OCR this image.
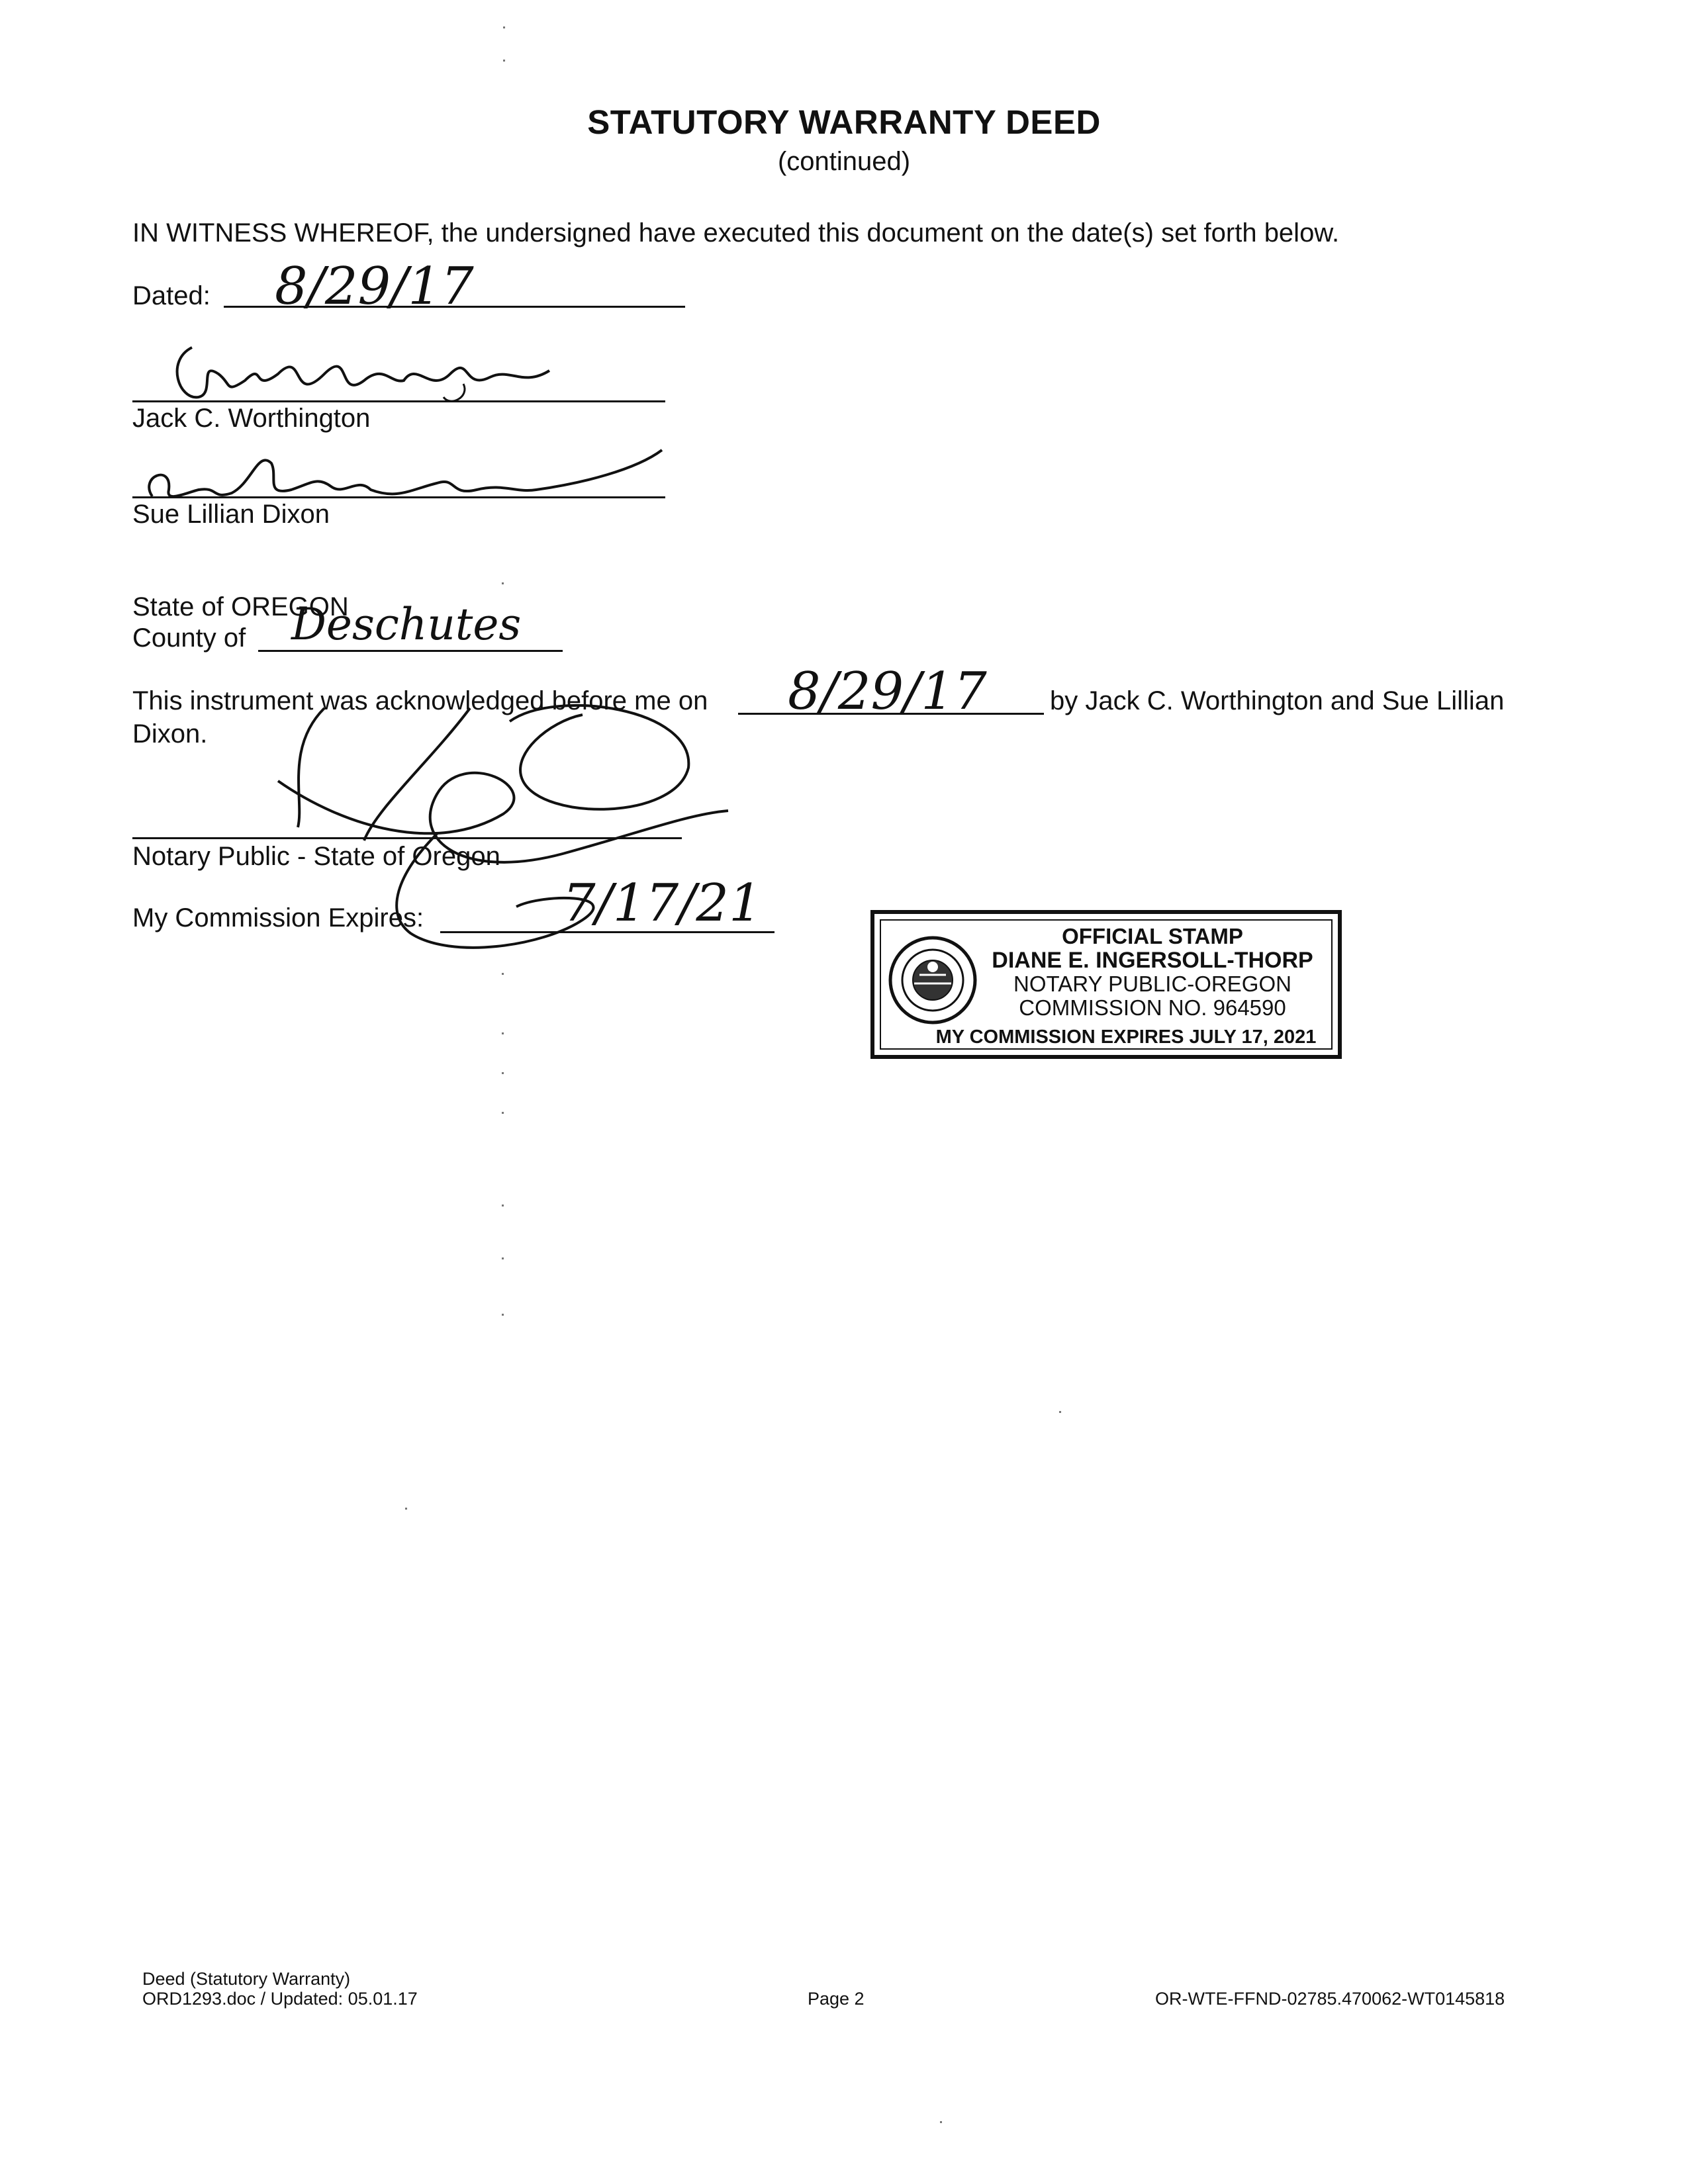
STATUTORY WARRANTY DEED
(continued)
IN WITNESS WHEREOF, the undersigned have executed this document on the date(s) set forth below.
Dated: 8/29/17
Jack C. Worthington
Sue Lillian Dixon
State of OREGON
County of Deschutes
This instrument was acknowledged before me on 8/29/17 by Jack C. Worthington and Sue Lillian
Dixon.
Notary Public - State of Oregon
My Commission Expires:	7/17/21
OFFICIAL STAMP
DIANE E. INGERSOLL-THORP
NOTARY PUBLIC-OREGON
COMMISSION NO. 964590
MY COMMISSION EXPIRES JULY 17, 2021
Deed (Statutory Warranty)
ORD1293.doc / Updated: 05.01.17	Page 2	OR-WTE-FFND-02785.470062-WT0145818
